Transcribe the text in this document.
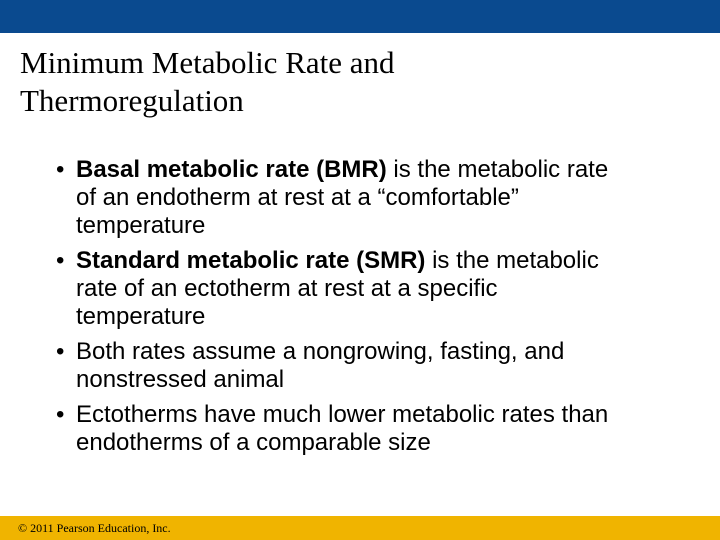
Minimum Metabolic Rate and
Thermoregulation
• Basal metabolic rate (BMR) is the metabolic rate
of an endotherm at rest at a “comfortable”
temperature
• Standard metabolic rate (SMR) is the metabolic
rate of an ectotherm at rest at a specific
temperature
• Both rates assume a nongrowing, fasting, and
nonstressed animal
• Ectotherms have much lower metabolic rates than
endotherms of a comparable size
© 2011 Pearson Education, Inc.
